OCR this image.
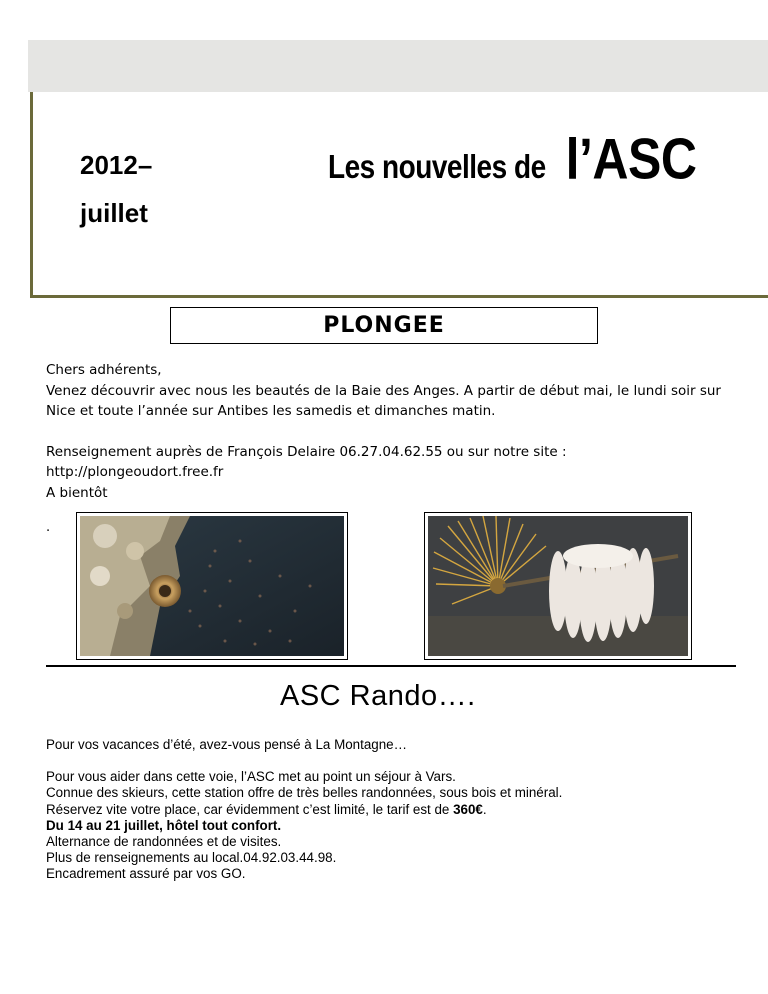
2012–
juillet
Les nouvelles de l’ASC
PLONGEE

Chers adhérents,

Venez découvrir avec nous les beautés de la Baie des Anges. A partir de début mai, le lundi soir sur Nice et toute l’année sur Antibes les samedis et dimanches matin.

Renseignement auprès de François Delaire 06.27.04.62.55 ou sur notre site :

http://plongeoudort.free.fr

A bientôt

.
ASC Rando….

Pour vos vacances d’été, avez-vous pensé à La Montagne…

Pour vous aider dans cette voie, l’ASC met au point un séjour à Vars.

Connue des skieurs, cette station offre de très belles randonnées, sous bois et minéral.

Réservez vite votre place, car évidemment c’est limité, le tarif est de 360€.

Du 14 au 21 juillet, hôtel tout confort.

Alternance de randonnées et de visites.

Plus de renseignements au local.04.92.03.44.98.

Encadrement assuré par vos GO.
